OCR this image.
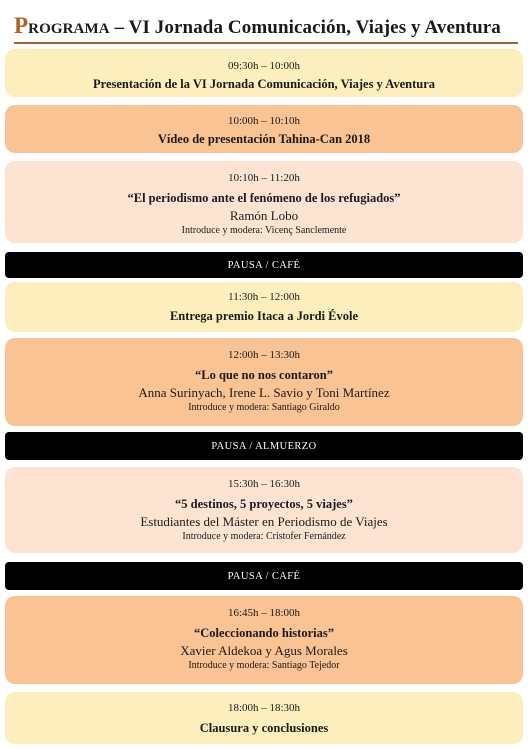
PROGRAMA – VI Jornada Comunicación, Viajes y Aventura
09:30h – 10:00h
Presentación de la VI Jornada Comunicación, Viajes y Aventura
10:00h – 10:10h
Vídeo de presentación Tahina-Can 2018
10:10h – 11:20h
“El periodismo ante el fenómeno de los refugiados”
Ramón Lobo
Introduce y modera: Vicenç Sanclemente
PAUSA / CAFÉ
11:30h – 12:00h
Entrega premio Itaca a Jordi Évole
12:00h – 13:30h
“Lo que no nos contaron”
Anna Surinyach, Irene L. Savio y Toni Martínez
Introduce y modera: Santiago Giraldo
PAUSA / ALMUERZO
15:30h – 16:30h
“5 destinos, 5 proyectos, 5 viajes”
Estudiantes del Máster en Periodismo de Viajes
Introduce y modera: Cristofer Fernández
PAUSA / CAFÉ
16:45h – 18:00h
“Coleccionando historias”
Xavier Aldekoa y Agus Morales
Introduce y modera: Santiago Tejedor
18:00h – 18:30h
Clausura y conclusiones
